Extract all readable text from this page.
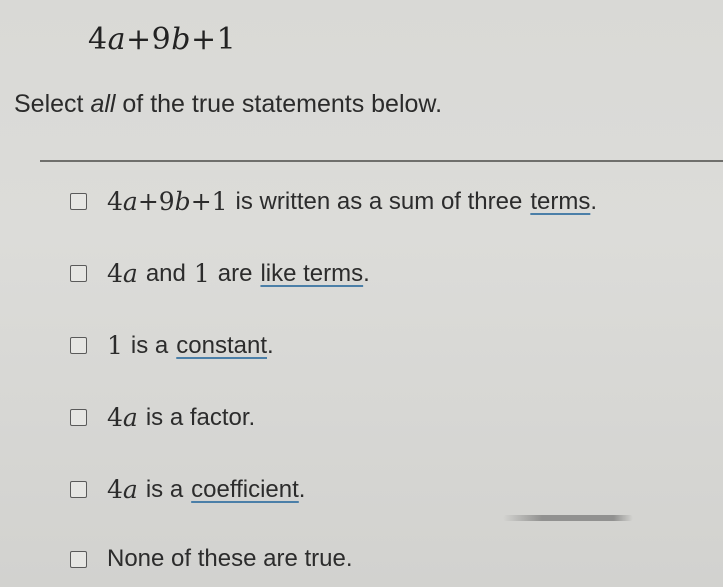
4a+9b+1
Select all of the true statements below.
4a+9b+1 is written as a sum of three terms .
4a and 1 are like terms .
1 is a constant .
4a is a factor.
4a is a coefficient .
None of these are true.
